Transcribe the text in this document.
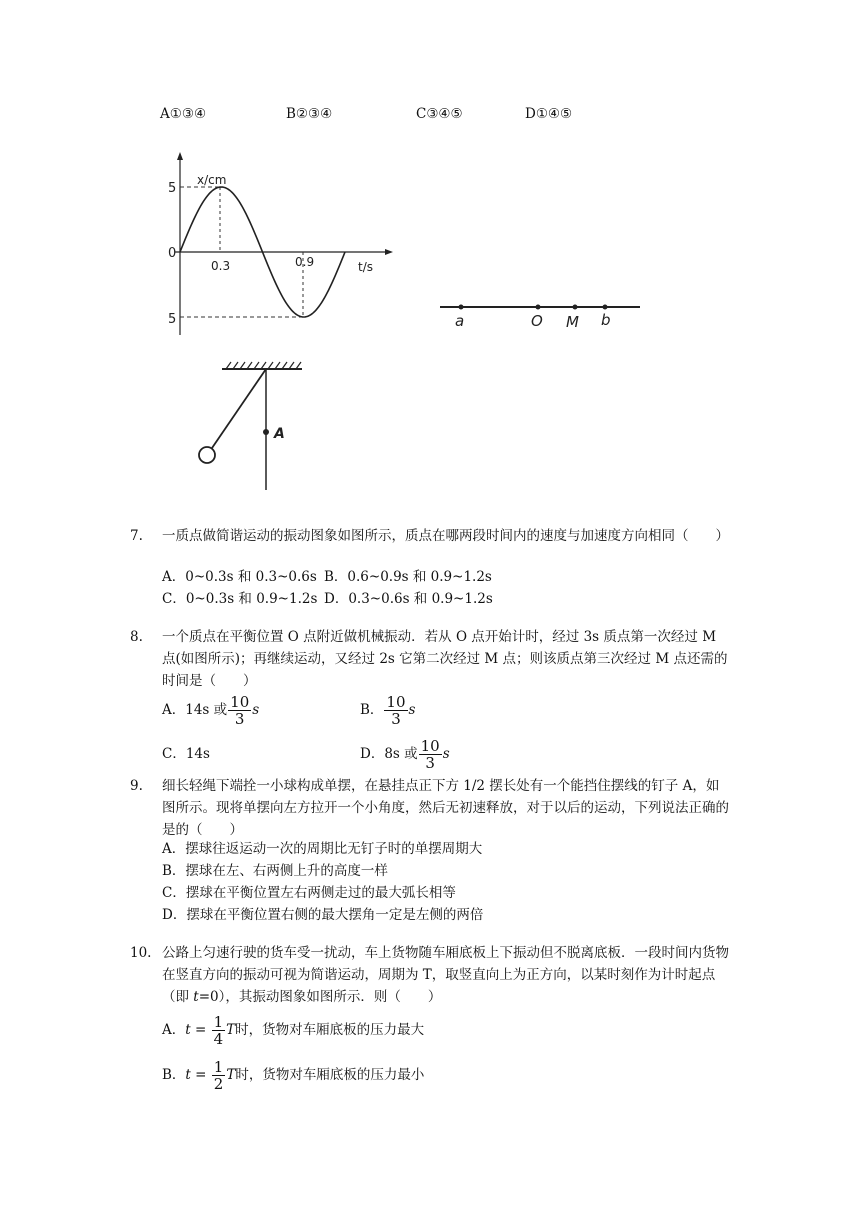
A①③④	B②③④	C③④⑤	D①④⑤
x/cm
t/s
5
0
5
0.3	0.9
a	O M b
A
7. 一质点做简谐运动的振动图象如图所示，质点在哪两段时间内的速度与加速度方向相同（　　）
A．0~0.3s 和 0.3~0.6s B．0.6~0.9s 和 0.9~1.2s
C．0~0.3s 和 0.9~1.2s D．0.3~0.6s 和 0.9~1.2s
8. 一个质点在平衡位置 O 点附近做机械振动．若从 O 点开始计时，经过 3s 质点第一次经过 M 点(如图所示)；再继续运动，又经过 2s 它第二次经过 M 点；则该质点第三次经过 M 点还需的时间是（　　）
A．14s 或 $\frac{10}{3}$ s	B． $\frac{10}{3}$ s
C．14s	D．8s 或 $\frac{10}{3}$ s
9. 细长轻绳下端拴一小球构成单摆，在悬挂点正下方 1/2 摆长处有一个能挡住摆线的钉子 A，如图所示。现将单摆向左方拉开一个小角度，然后无初速释放，对于以后的运动，下列说法正确的是的（　　）
A．摆球往返运动一次的周期比无钉子时的单摆周期大
B．摆球在左、右两侧上升的高度一样
C．摆球在平衡位置左右两侧走过的最大弧长相等
D．摆球在平衡位置右侧的最大摆角一定是左侧的两倍
10. 公路上匀速行驶的货车受一扰动，车上货物随车厢底板上下振动但不脱离底板．一段时间内货物在竖直方向的振动可视为简谐运动，周期为 T，取竖直向上为正方向，以某时刻作为计时起点（即 t=0），其振动图象如图所示．则（　　）
A．$t = \frac{1}{4}$ T时，货物对车厢底板的压力最大
B．$t = \frac{1}{2}$ T时，货物对车厢底板的压力最小
